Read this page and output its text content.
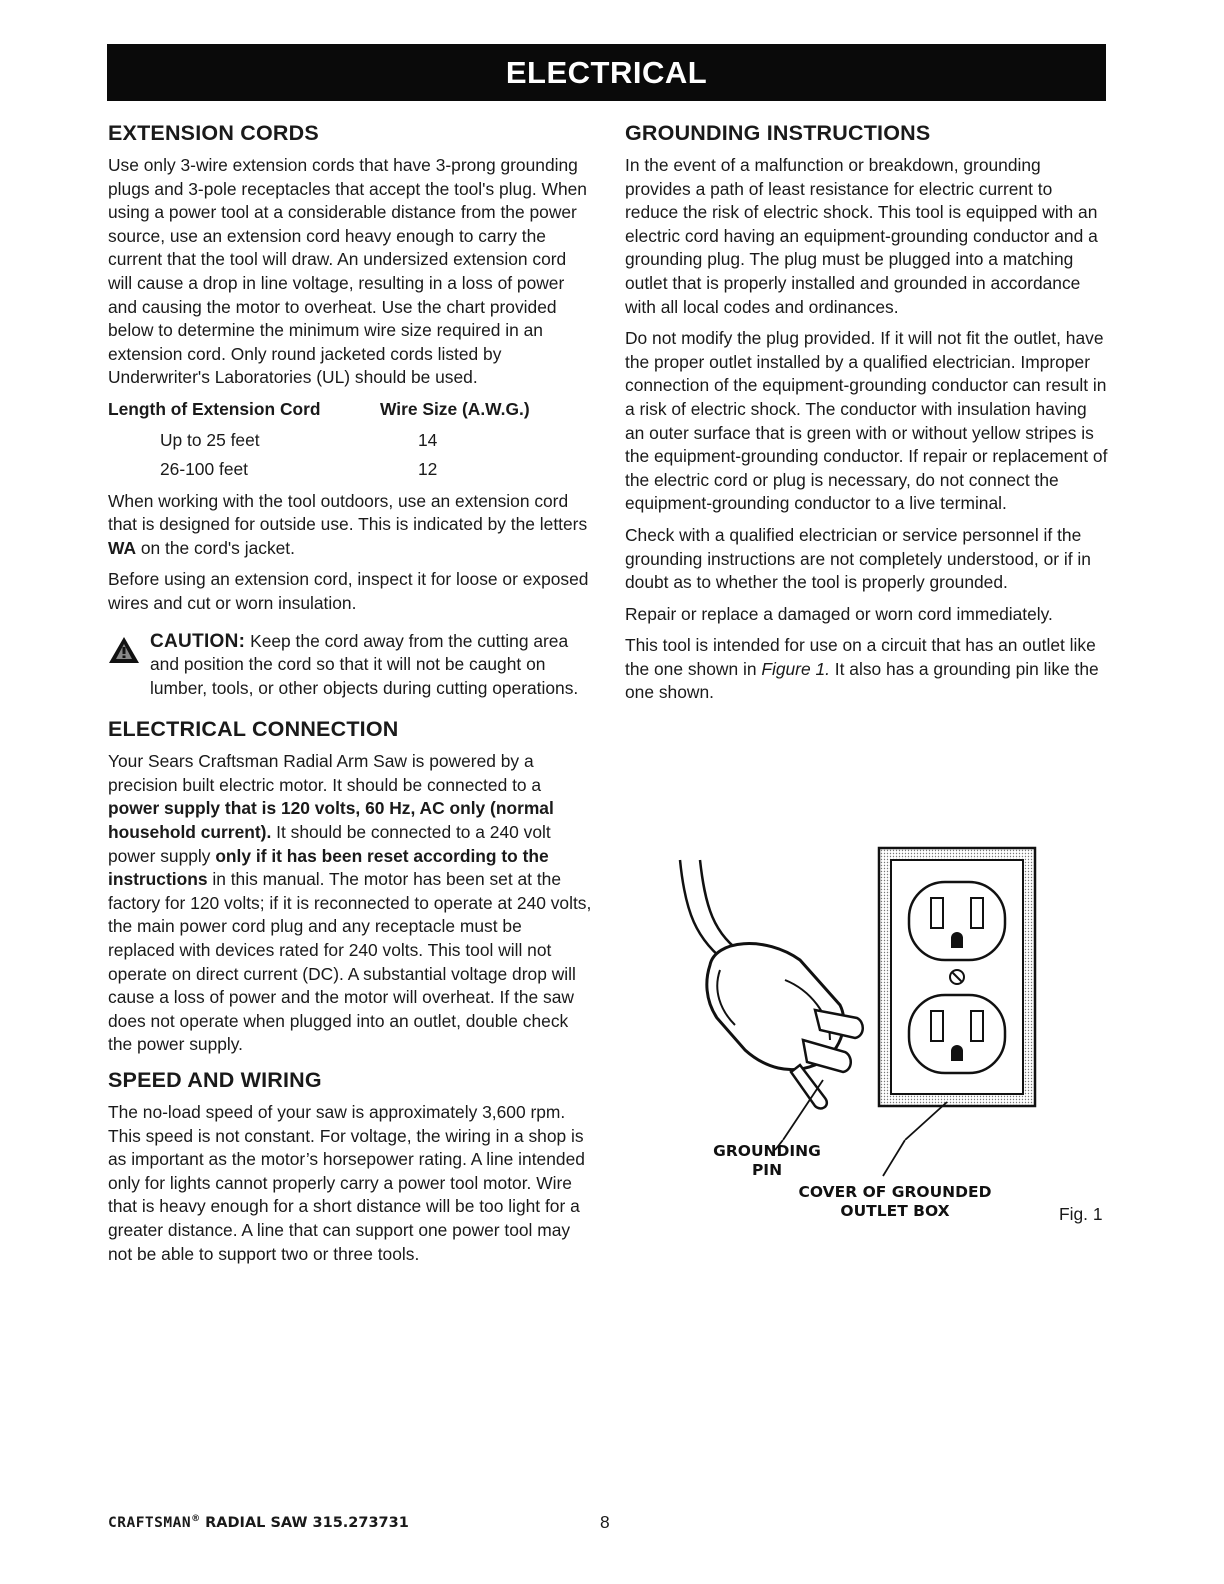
ELECTRICAL
EXTENSION CORDS

Use only 3-wire extension cords that have 3-prong grounding plugs and 3-pole receptacles that accept the tool's plug. When using a power tool at a considerable distance from the power source, use an extension cord heavy enough to carry the current that the tool will draw. An undersized extension cord will cause a drop in line voltage, resulting in a loss of power and causing the motor to overheat. Use the chart provided below to determine the minimum wire size required in an extension cord. Only round jacketed cords listed by Underwriter's Laboratories (UL) should be used.

Length of Extension Cord	Wire Size (A.W.G.)
Up to 25 feet	14
26-100 feet	12

When working with the tool outdoors, use an extension cord that is designed for outside use. This is indicated by the letters WA on the cord's jacket.

Before using an extension cord, inspect it for loose or exposed wires and cut or worn insulation.

CAUTION: Keep the cord away from the cutting area and position the cord so that it will not be caught on lumber, tools, or other objects during cutting operations.

ELECTRICAL CONNECTION

Your Sears Craftsman Radial Arm Saw is powered by a precision built electric motor. It should be connected to a power supply that is 120 volts, 60 Hz, AC only (normal household current). It should be connected to a 240 volt power supply only if it has been reset according to the instructions in this manual. The motor has been set at the factory for 120 volts; if it is reconnected to operate at 240 volts, the main power cord plug and any receptacle must be replaced with devices rated for 240 volts. This tool will not operate on direct current (DC). A substantial voltage drop will cause a loss of power and the motor will overheat. If the saw does not operate when plugged into an outlet, double check the power supply.

SPEED AND WIRING

The no-load speed of your saw is approximately 3,600 rpm. This speed is not constant. For voltage, the wiring in a shop is as important as the motor’s horsepower rating. A line intended only for lights cannot properly carry a power tool motor. Wire that is heavy enough for a short distance will be too light for a greater distance. A line that can support one power tool may not be able to support two or three tools.

GROUNDING INSTRUCTIONS

In the event of a malfunction or breakdown, grounding provides a path of least resistance for electric current to reduce the risk of electric shock. This tool is equipped with an electric cord having an equipment-grounding conductor and a grounding plug. The plug must be plugged into a matching outlet that is properly installed and grounded in accordance with all local codes and ordinances.

Do not modify the plug provided. If it will not fit the outlet, have the proper outlet installed by a qualified electrician. Improper connection of the equipment-grounding conductor can result in a risk of electric shock. The conductor with insulation having an outer surface that is green with or without yellow stripes is the equipment-grounding conductor. If repair or replacement of the electric cord or plug is necessary, do not connect the equipment-grounding conductor to a live terminal.

Check with a qualified electrician or service personnel if the grounding instructions are not completely understood, or if in doubt as to whether the tool is properly grounded.

Repair or replace a damaged or worn cord immediately.

This tool is intended for use on a circuit that has an outlet like the one shown in Figure 1. It also has a grounding pin like the one shown.

GROUNDING
PIN
COVER OF GROUNDED
OUTLET BOX	Fig. 1
CRAFTSMAN® RADIAL SAW 315.273731	8
